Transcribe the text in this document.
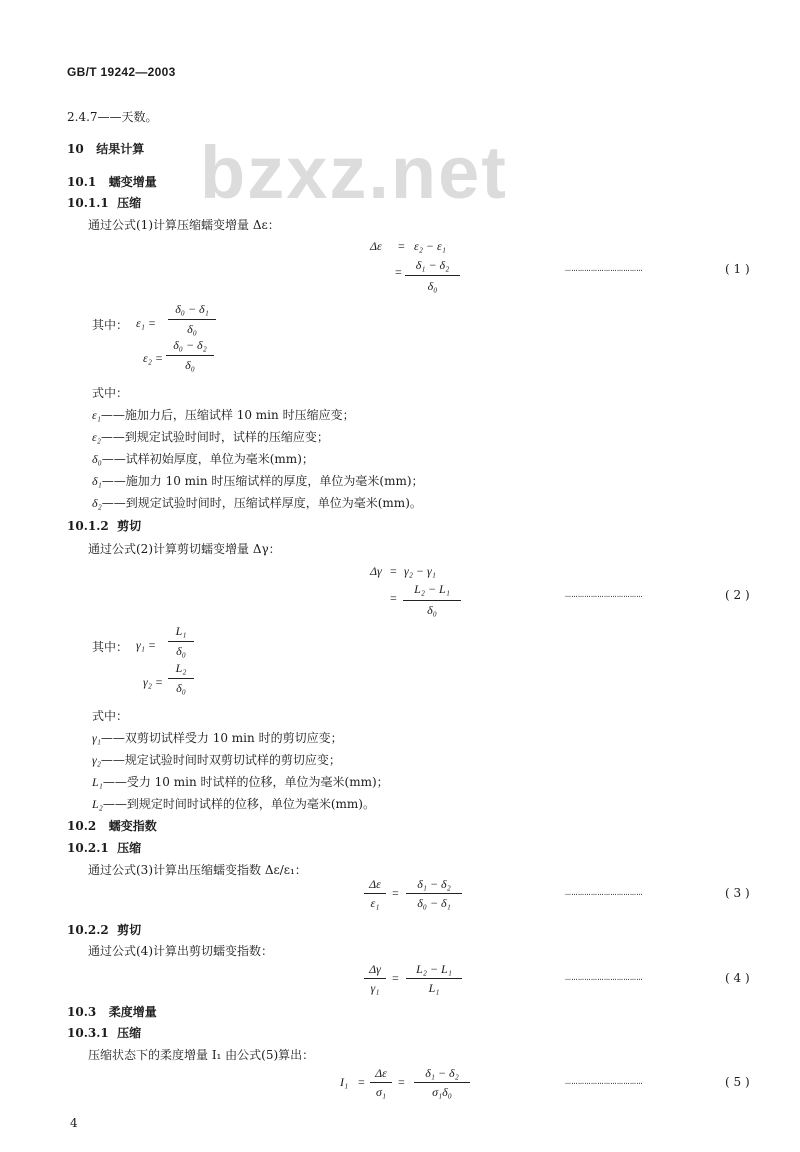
bzxz.net
GB/T 19242—2003
2.4.7——天数。
10 结果计算
10.1 蠕变增量
10.1.1 压缩
通过公式(1)计算压缩蠕变增量 Δε：
Δε = ε₂ − ε₁
=	δ₁ − δ₂
δ₀
………………………………	( 1 )
其中： ε₁ =
δ₀ − δ₁
δ₀
ε₂ =
δ₀ − δ₂
δ₀
式中：
ε₁——施加力后，压缩试样 10 min 时压缩应变；
ε₂——到规定试验时间时，试样的压缩应变；
δ₀——试样初始厚度，单位为毫米(mm)；
δ₁——施加力 10 min 时压缩试样的厚度，单位为毫米(mm)；
δ₂——到规定试验时间时，压缩试样厚度，单位为毫米(mm)。
10.1.2 剪切
通过公式(2)计算剪切蠕变增量 Δγ：
Δγ = γ₂ − γ₁
=
L₂ − L₁
δ₀
………………………………	( 2 )
其中： γ₁ =
L₁
δ₀
γ₂ =
L₂
δ₀
式中：
γ₁——双剪切试样受力 10 min 时的剪切应变；
γ₂——规定试验时间时双剪切试样的剪切应变；
L₁——受力 10 min 时试样的位移，单位为毫米(mm)；
L₂——到规定时间时试样的位移，单位为毫米(mm)。
10.2 蠕变指数
10.2.1 压缩
通过公式(3)计算出压缩蠕变指数 Δε/ε₁：
Δε
ε₁
=
δ₁ − δ₂
δ₀ − δ₁
………………………………	( 3 )
10.2.2 剪切
通过公式(4)计算出剪切蠕变指数：
Δγ
γ₁
=
L₂ − L₁
L₁
………………………………	( 4 )
10.3 柔度增量
10.3.1 压缩
压缩状态下的柔度增量 I₁ 由公式(5)算出：
I₁ =
Δε
σ₁
=
δ₁ − δ₂
σ₁δ₀
………………………………	( 5 )
4
